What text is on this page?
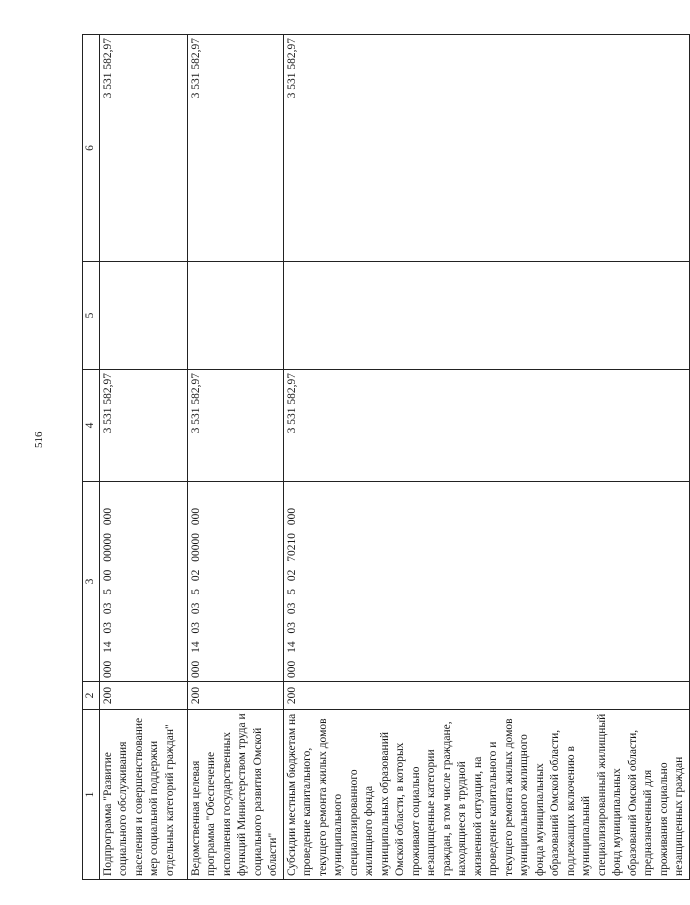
516
1	2	3	4	5	6
Подпрограмма "Развитие социального обслуживания населения и совершенствование мер социальной поддержки отдельных категорий граждан"	200	000 14 03 03 5 00 00000 000	3 531 582,97		3 531 582,97
Ведомственная целевая программа "Обеспечение исполнения государственных функций Министерством труда и социального развития Омской области"	200	000 14 03 03 5 02 00000 000	3 531 582,97		3 531 582,97
Субсидии местным бюджетам на проведение капитального, текущего ремонта жилых домов муниципального специализированного жилищного фонда муниципальных образований Омской области, в которых проживают социально незащищенные категории граждан, в том числе граждане, находящиеся в трудной жизненной ситуации, на проведение капитального и текущего ремонта жилых домов муниципального жилищного фонда муниципальных образований Омской области, подлежащих включению в муниципальный специализированный жилищный фонд муниципальных образований Омской области, предназначенный для проживания социально незащищенных граждан	200	000 14 03 03 5 02 70210 000	3 531 582,97		3 531 582,97
